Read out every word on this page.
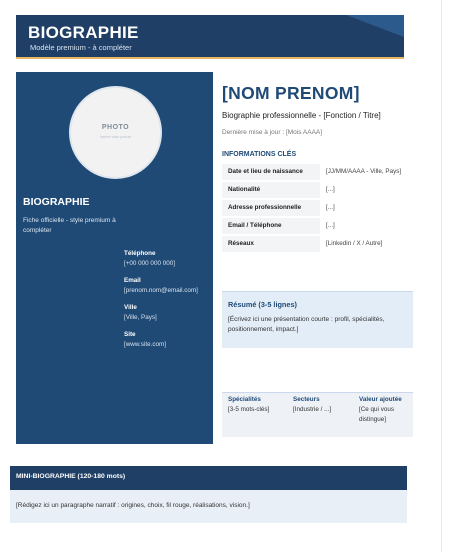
BIOGRAPHIE
Modèle premium - à compléter
PHOTO
Insérer votre portrait
BIOGRAPHIE
Fiche officielle - style premium à compléter
Téléphone
[+00 000 000 000]
Email
[prenom.nom@email.com]
Ville
[Ville, Pays]
Site
[www.site.com]
[NOM PRENOM]
Biographie professionnelle - [Fonction / Titre]
Dernière mise à jour : [Mois AAAA]
INFORMATIONS CLÉS
Date et lieu de naissance	[JJ/MM/AAAA - Ville, Pays]
Nationalité	[...]
Adresse professionnelle	[...]
Email / Téléphone	[...]
Réseaux	[Linkedin / X / Autre]
Résumé (3-5 lignes)
[Écrivez ici une présentation courte : profil, spécialités, positionnement, impact.]
Spécialités
[3-5 mots-clés]
Secteurs
[Industrie / ...]
Valeur ajoutée
[Ce qui vous distingue]
MINI-BIOGRAPHIE (120-180 mots)
[Rédigez ici un paragraphe narratif : origines, choix, fil rouge, réalisations, vision.]
